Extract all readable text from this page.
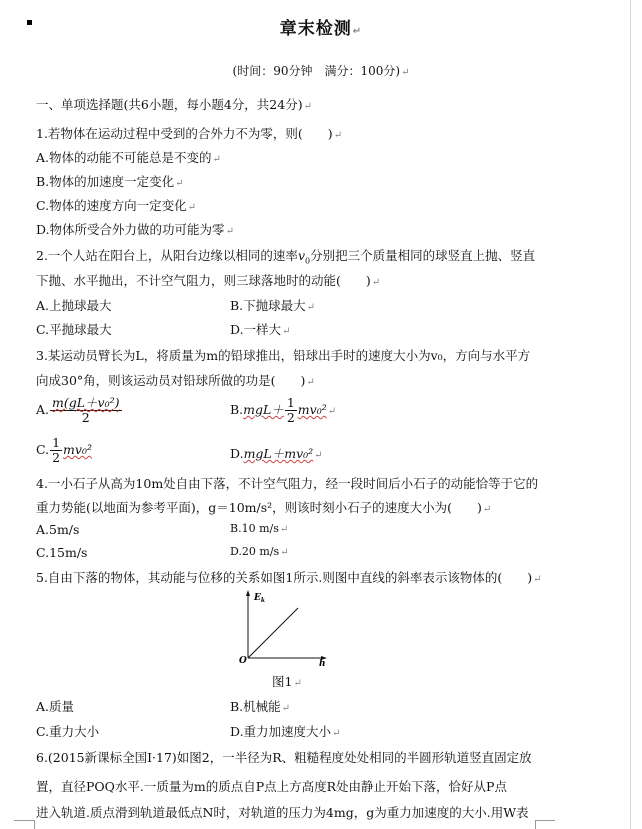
章末检测↵
(时间：90分钟　满分：100分)↵
一、单项选择题(共6小题，每小题4分，共24分)↵
1.若物体在运动过程中受到的合外力不为零，则(　　)↵
A.物体的动能不可能总是不变的↵
B.物体的加速度一定变化↵
C.物体的速度方向一定变化↵
D.物体所受合外力做的功可能为零↵
2.一个人站在阳台上，从阳台边缘以相同的速率$v_0$分别把三个质量相同的球竖直上抛、竖直
下抛、水平抛出，不计空气阻力，则三球落地时的动能(　　)↵
A.上抛球最大	B.下抛球最大↵
C.平抛球最大	D.一样大↵
3.某运动员臂长为L，将质量为m的铅球推出，铅球出手时的速度大小为v₀，方向与水平方
向成30°角，则该运动员对铅球所做的功是(　　)↵
A. $\frac{\text{m(gL＋v₀²)}}{2}$	$B.mgL+ \frac{1}{2}$ mv₀²↵
C. $\frac{1}{2} mv_0^2$	D.mgL＋mv₀²↵
4.一小石子从高为10m处自由下落，不计空气阻力，经一段时间后小石子的动能恰等于它的
重力势能(以地面为参考平面)，g＝10m/s²，则该时刻小石子的速度大小为(　　)↵
A.5m/s	B.10 m/s↵
C.15m/s	D.20 m/s↵
5.自由下落的物体，其动能与位移的关系如图1所示.则图中直线的斜率表示该物体的(　　)↵
$E_k$
O	h
图1↵
A.质量	B.机械能↵
C.重力大小	D.重力加速度大小↵
6.(2015新课标全国Ⅰ·17)如图2，一半径为R、粗糙程度处处相同的半圆形轨道竖直固定放
置，直径POQ水平.一质量为m的质点自P点上方高度R处由静止开始下落，恰好从P点
进入轨道.质点滑到轨道最低点N时，对轨道的压力为4mg，g为重力加速度的大小.用W表
